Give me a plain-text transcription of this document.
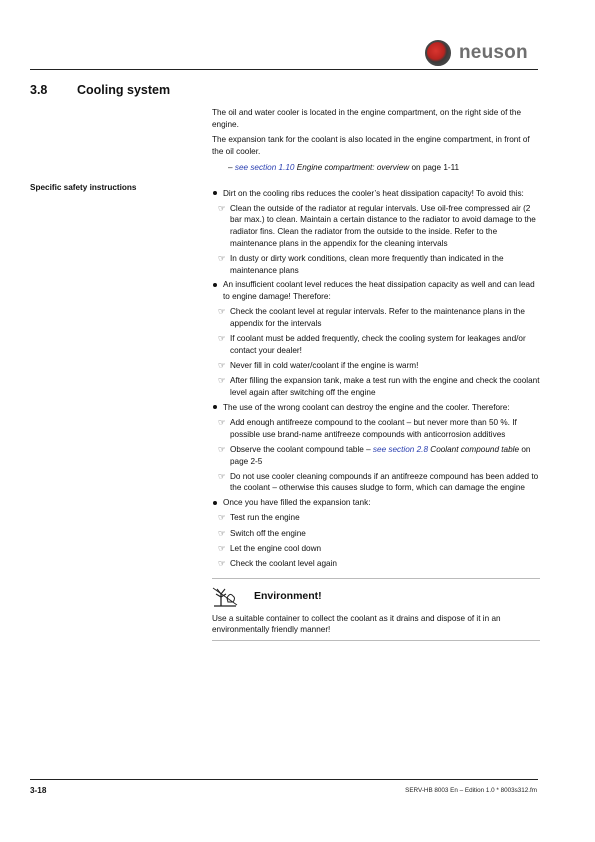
neuson
3.8 Cooling system
Specific safety instructions

The oil and water cooler is located in the engine compartment, on the right side of the engine.

The expansion tank for the coolant is also located in the engine compartment, in front of the oil cooler.

– see section 1.10 Engine compartment: overview on page 1-11

Dirt on the cooling ribs reduces the cooler’s heat dissipation capacity! To avoid this:
☞ Clean the outside of the radiator at regular intervals. Use oil-free compressed air (2 bar max.) to clean. Maintain a certain distance to the radiator to avoid damage to the radiator fins. Clean the radiator from the outside to the inside. Refer to the maintenance plans in the appendix for the cleaning intervals
☞ In dusty or dirty work conditions, clean more frequently than indicated in the maintenance plans
An insufficient coolant level reduces the heat dissipation capacity as well and can lead to engine damage! Therefore:
☞ Check the coolant level at regular intervals. Refer to the maintenance plans in the appendix for the intervals
☞ If coolant must be added frequently, check the cooling system for leakages and/or contact your dealer!
☞ Never fill in cold water/coolant if the engine is warm!
☞ After filling the expansion tank, make a test run with the engine and check the coolant level again after switching off the engine
The use of the wrong coolant can destroy the engine and the cooler. Therefore:
☞ Add enough antifreeze compound to the coolant – but never more than 50 %. If possible use brand-name antifreeze compounds with anticorrosion additives
☞ Observe the coolant compound table – see section 2.8 Coolant compound table on page 2-5
☞ Do not use cooler cleaning compounds if an antifreeze compound has been added to the coolant – otherwise this causes sludge to form, which can damage the engine
Once you have filled the expansion tank:
☞ Test run the engine
☞ Switch off the engine
☞ Let the engine cool down
☞ Check the coolant level again
Environment!

Use a suitable container to collect the coolant as it drains and dispose of it in an environmentally friendly manner!

3-18	SERV-HB 8003 En – Edition 1.0 * 8003s312.fm
